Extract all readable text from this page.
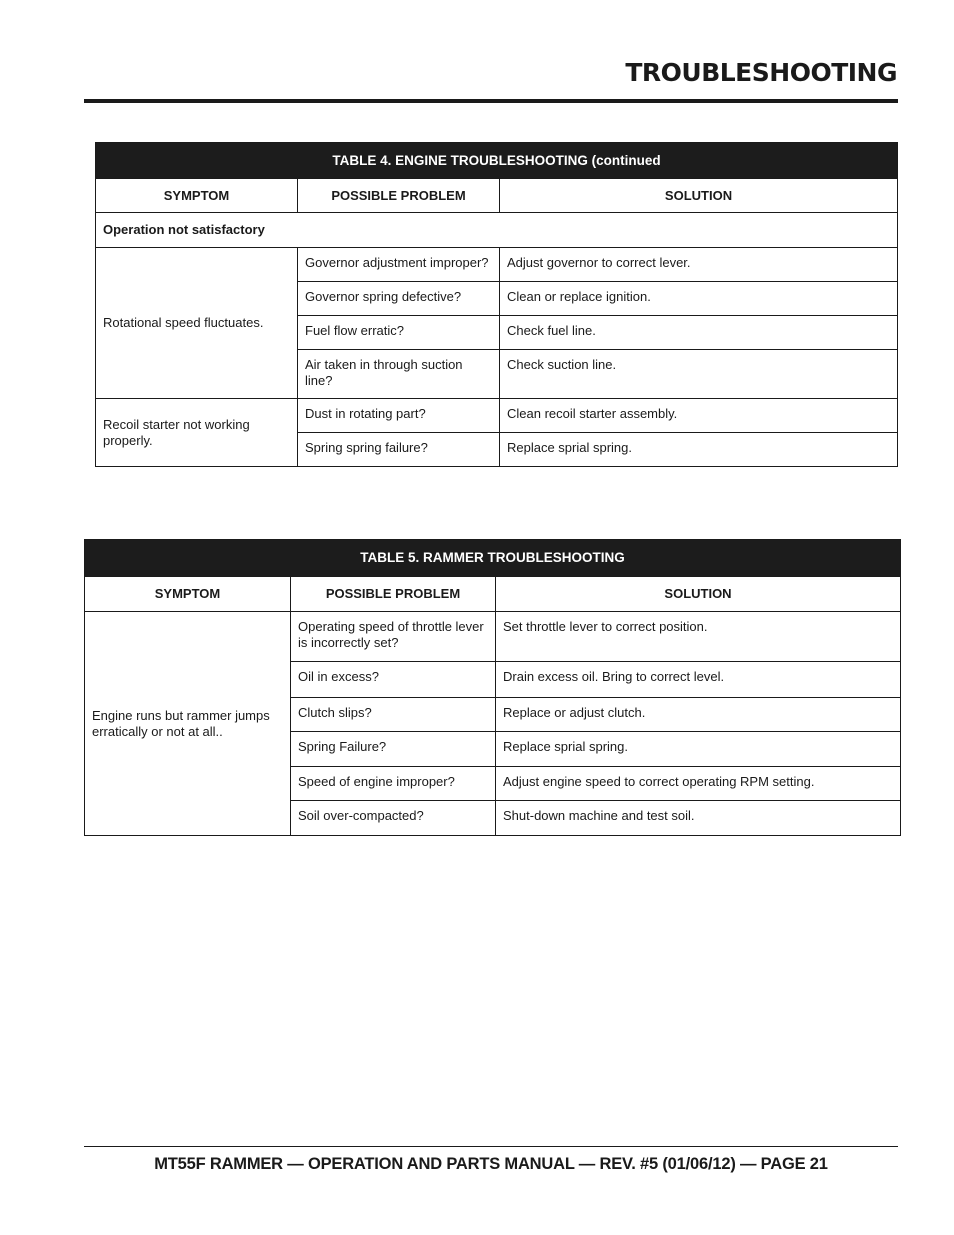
TROUBLESHOOTING
TABLE 4. ENGINE TROUBLESHOOTING (continued		
SYMPTOM	POSSIBLE PROBLEM	SOLUTION
Operation not satisfactory		
Rotational speed fluctuates.	Governor adjustment improper?	Adjust governor to correct lever.
	Governor spring defective?	Clean or replace ignition.
	Fuel flow erratic?	Check fuel line.
	Air taken in through suction line?	Check suction line.
Recoil starter not working properly.	Dust in rotating part?	Clean recoil starter assembly.
	Spring spring failure?	Replace sprial spring.
TABLE 5. RAMMER TROUBLESHOOTING		
SYMPTOM	POSSIBLE PROBLEM	SOLUTION
Engine runs but rammer jumps erratically or not at all..	Operating speed of throttle lever is incorrectly set?	Set throttle lever to correct position.
	Oil in excess?	Drain excess oil. Bring to correct level.
	Clutch slips?	Replace or adjust clutch.
	Spring Failure?	Replace sprial spring.
	Speed of engine improper?	Adjust engine speed to correct operating RPM setting.
	Soil over-compacted?	Shut-down machine and test soil.
MT55F RAMMER — OPERATION AND PARTS MANUAL — REV. #5 (01/06/12) — PAGE 21
